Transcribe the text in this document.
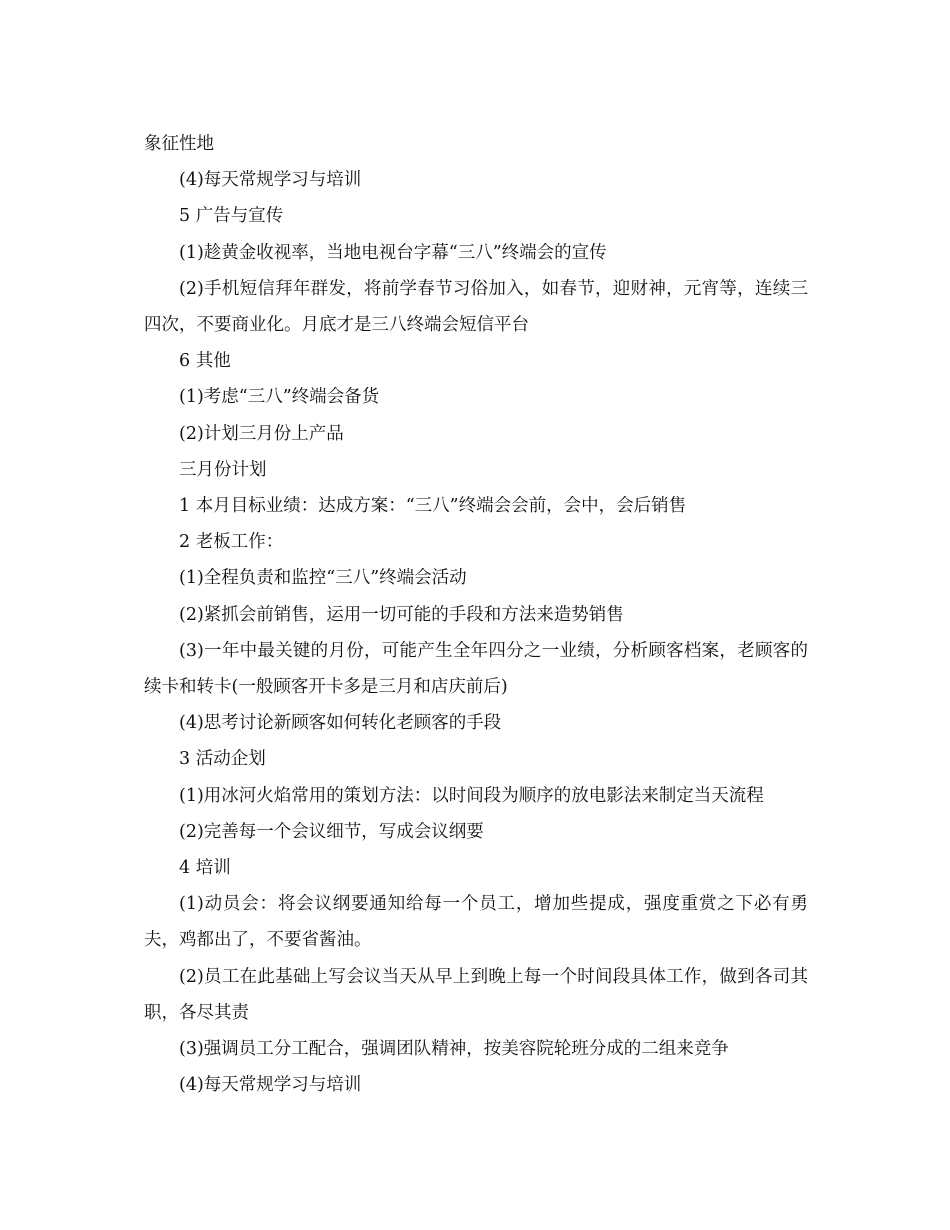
象征性地

(4)每天常规学习与培训

5 广告与宣传

(1)趁黄金收视率，当地电视台字幕“三八”终端会的宣传

(2)手机短信拜年群发，将前学春节习俗加入，如春节，迎财神，元宵等，连续三四次，不要商业化。月底才是三八终端会短信平台

6 其他

(1)考虑“三八”终端会备货

(2)计划三月份上产品

三月份计划

1 本月目标业绩：达成方案：“三八”终端会会前，会中，会后销售

2 老板工作：

(1)全程负责和监控“三八”终端会活动

(2)紧抓会前销售，运用一切可能的手段和方法来造势销售

(3)一年中最关键的月份，可能产生全年四分之一业绩，分析顾客档案，老顾客的续卡和转卡(一般顾客开卡多是三月和店庆前后)

(4)思考讨论新顾客如何转化老顾客的手段

3 活动企划

(1)用冰河火焰常用的策划方法：以时间段为顺序的放电影法来制定当天流程

(2)完善每一个会议细节，写成会议纲要

4 培训

(1)动员会：将会议纲要通知给每一个员工，增加些提成，强度重赏之下必有勇夫，鸡都出了，不要省酱油。

(2)员工在此基础上写会议当天从早上到晚上每一个时间段具体工作，做到各司其职，各尽其责

(3)强调员工分工配合，强调团队精神，按美容院轮班分成的二组来竞争

(4)每天常规学习与培训
